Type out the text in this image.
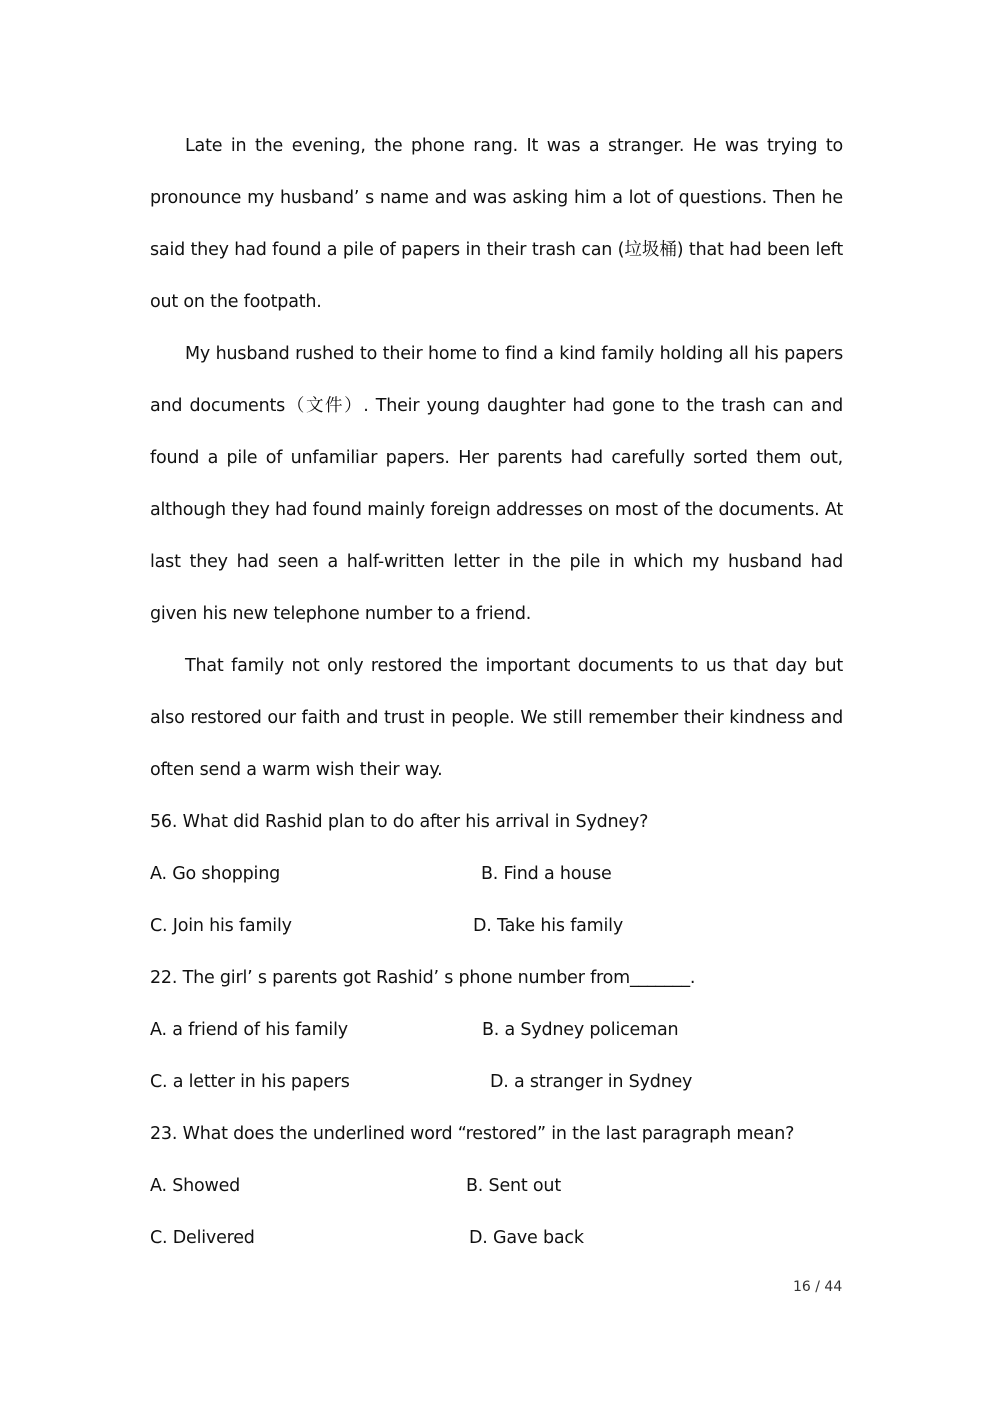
Late in the evening, the phone rang. It was a stranger. He was trying to pronounce my husband’ s name and was asking him a lot of questions. Then he said they had found a pile of papers in their trash can (垃圾桶) that had been left out on the footpath.

My husband rushed to their home to find a kind family holding all his papers and documents（文件）. Their young daughter had gone to the trash can and found a pile of unfamiliar papers. Her parents had carefully sorted them out, although they had found mainly foreign addresses on most of the documents. At last they had seen a half-written letter in the pile in which my husband had given his new telephone number to a friend.

That family not only restored the important documents to us that day but also restored our faith and trust in people. We still remember their kindness and often send a warm wish their way.

56. What did Rashid plan to do after his arrival in Sydney?

A. Go shopping	B. Find a house
C. Join his family	D. Take his family

22. The girl’ s parents got Rashid’ s phone number from_______.

A. a friend of his family	B. a Sydney policeman
C. a letter in his papers	D. a stranger in Sydney

23. What does the underlined word “restored” in the last paragraph mean?

A. Showed	B. Sent out
C. Delivered	D. Gave back
16 / 44
